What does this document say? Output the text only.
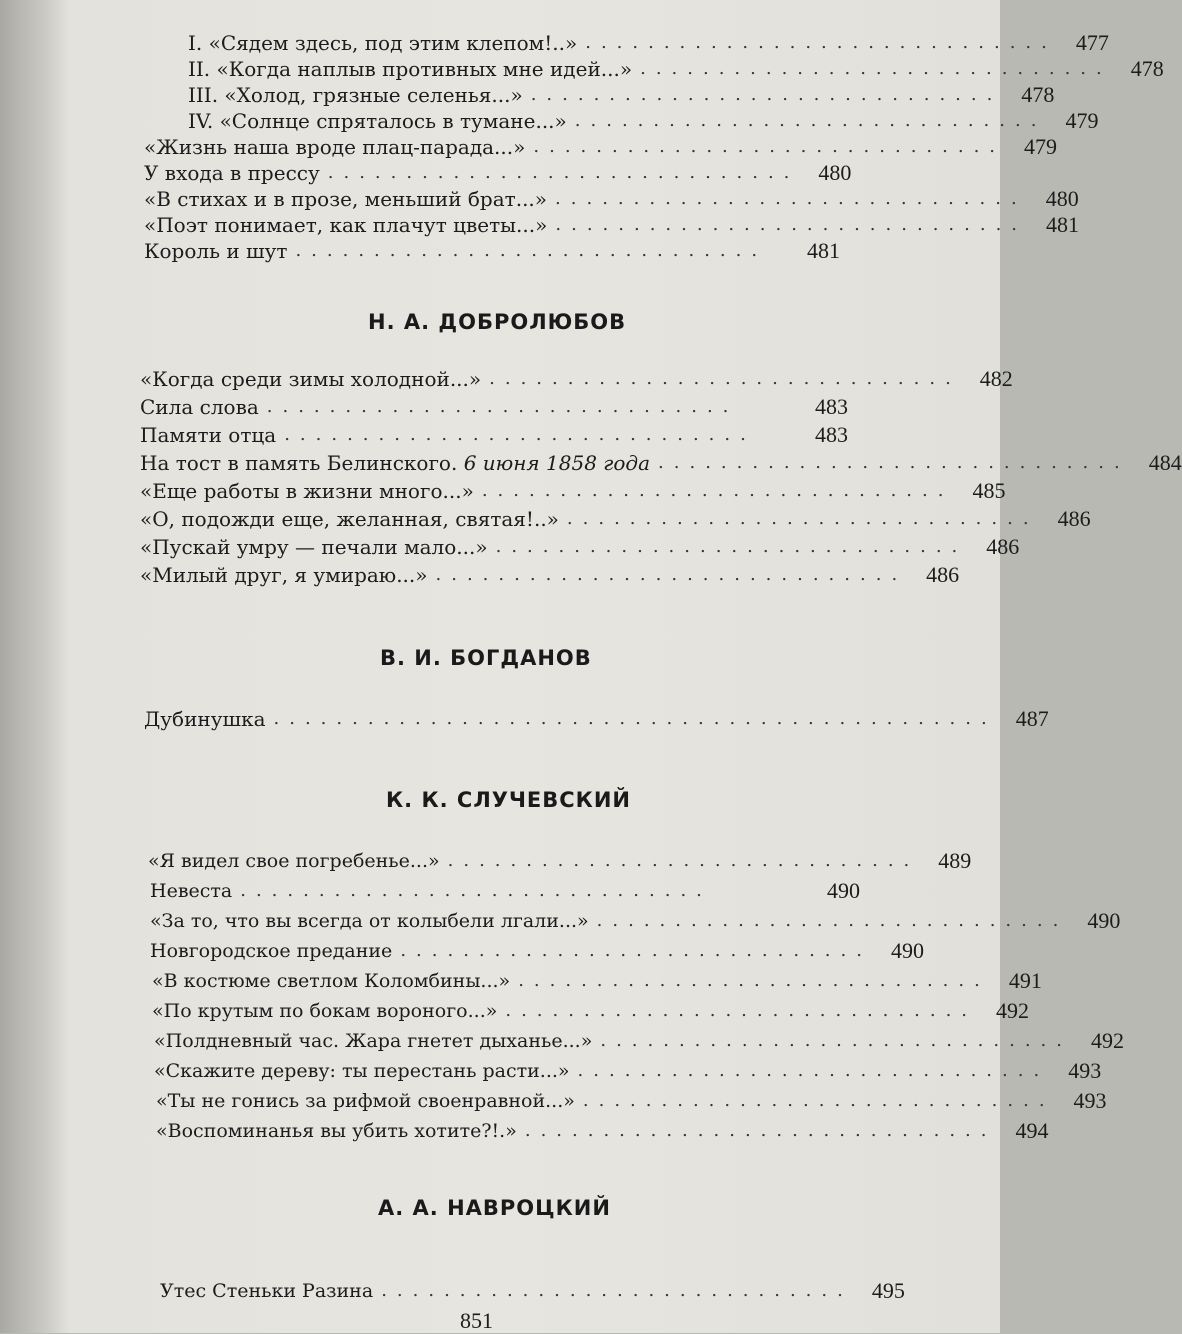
I. «Сядем здесь, под этим клепом!..» .............................. 477
II. «Когда наплыв противных мне идей...» .............................. 478
III. «Холод, грязные селенья...» .............................. 478
IV. «Солнце спряталось в тумане...» .............................. 479
«Жизнь наша вроде плац-парада...» .............................. 479
У входа в прессу .............................. 480
«В стихах и в прозе, меньший брат...» .............................. 480
«Поэт понимает, как плачут цветы...» .............................. 481
Король и шут ..............................	481
Н. А. ДОБРОЛЮБОВ
«Когда среди зимы холодной...» .............................. 482
Сила слова ..............................	483
Памяти отца ..............................	483
На тост в память Белинского. 6 июня 1858 года .............................. 484
«Еще работы в жизни много...» .............................. 485
«О, подожди еще, желанная, святая!..» .............................. 486
«Пускай умру — печали мало...» .............................. 486
«Милый друг, я умираю...» .............................. 486
В. И. БОГДАНОВ
Дубинушка .............................................. 487
К. К. СЛУЧЕВСКИЙ
«Я видел свое погребенье...» .............................. 489
Невеста ..............................	490
«За то, что вы всегда от колыбели лгали...» .............................. 490
Новгородское предание .............................. 490
«В костюме светлом Коломбины...» .............................. 491
«По крутым по бокам вороного...» .............................. 492
«Полдневный час. Жара гнетет дыханье...» .............................. 492
«Скажите дереву: ты перестань расти...» .............................. 493
«Ты не гонись за рифмой своенравной...» .............................. 493
«Воспоминанья вы убить хотите?!.» .............................. 494
А. А. НАВРОЦКИЙ
Утес Стеньки Разина .............................. 495
851
